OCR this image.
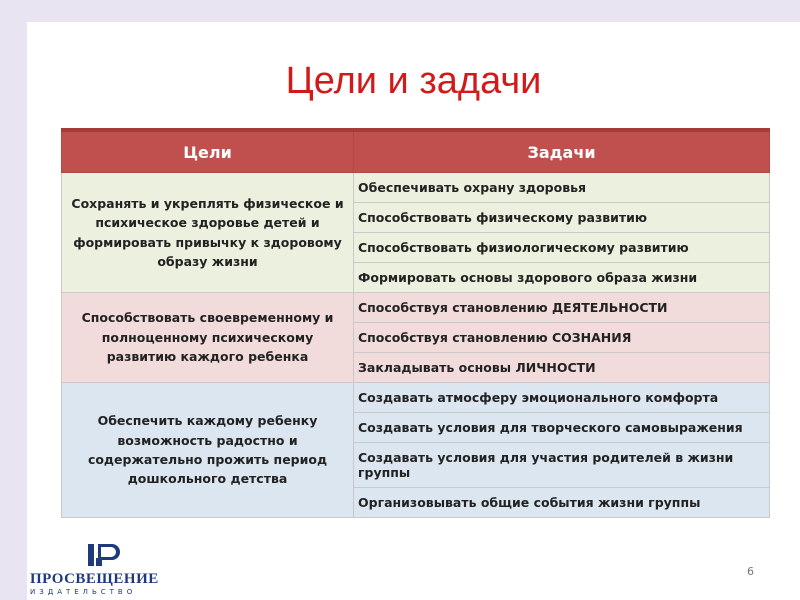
Цели и задачи
Цели	Задачи
Сохранять и укреплять физическое и психическое здоровье детей и формировать привычку к здоровому образу жизни	Обеспечивать охрану здоровья
	Способствовать физическому развитию
	Способствовать физиологическому развитию
	Формировать основы здорового образа жизни
Способствовать своевременному и полноценному психическому развитию каждого ребенка	Способствуя становлению ДЕЯТЕЛЬНОСТИ
	Способствуя становлению СОЗНАНИЯ
	Закладывать основы ЛИЧНОСТИ
Обеспечить каждому ребенку возможность радостно и содержательно прожить период дошкольного детства	Создавать атмосферу эмоционального комфорта
	Создавать условия для творческого самовыражения
	Создавать условия для участия родителей в жизни группы
	Организовывать общие события жизни группы
ПРОСВЕЩЕНИЕ
ИЗДАТЕЛЬСТВО
6
